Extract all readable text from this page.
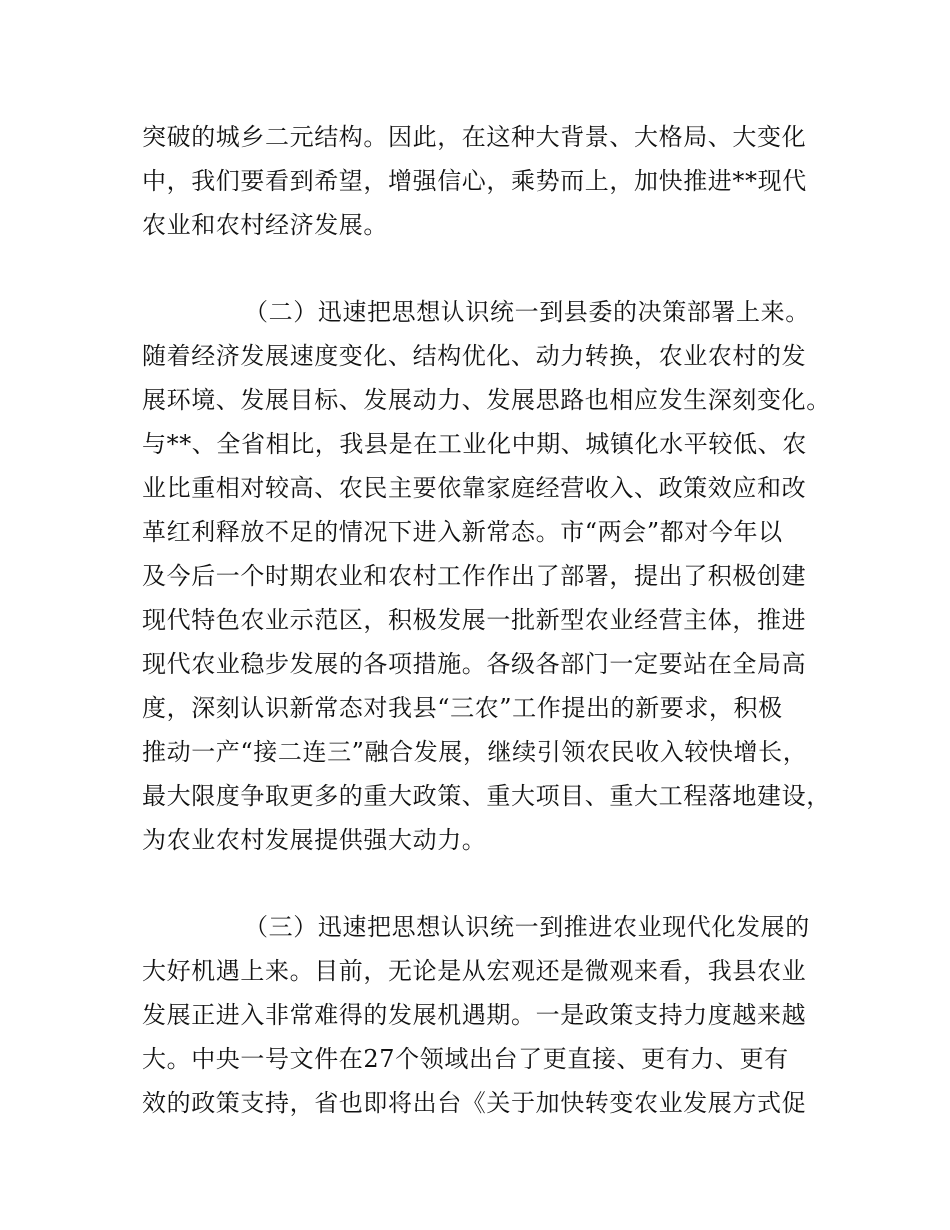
突破的城乡二元结构。因此，在这种大背景、大格局、大变化
中，我们要看到希望，增强信心，乘势而上，加快推进**现代
农业和农村经济发展。
（二）迅速把思想认识统一到县委的决策部署上来。
随着经济发展速度变化、结构优化、动力转换，农业农村的发
展环境、发展目标、发展动力、发展思路也相应发生深刻变化。
与**、全省相比，我县是在工业化中期、城镇化水平较低、农
业比重相对较高、农民主要依靠家庭经营收入、政策效应和改
革红利释放不足的情况下进入新常态。市“两会”都对今年以
及今后一个时期农业和农村工作作出了部署，提出了积极创建
现代特色农业示范区，积极发展一批新型农业经营主体，推进
现代农业稳步发展的各项措施。各级各部门一定要站在全局高
度，深刻认识新常态对我县“三农”工作提出的新要求，积极
推动一产“接二连三”融合发展，继续引领农民收入较快增长，
最大限度争取更多的重大政策、重大项目、重大工程落地建设，
为农业农村发展提供强大动力。
（三）迅速把思想认识统一到推进农业现代化发展的
大好机遇上来。目前，无论是从宏观还是微观来看，我县农业
发展正进入非常难得的发展机遇期。一是政策支持力度越来越
大。中央一号文件在27个领域出台了更直接、更有力、更有
效的政策支持，省也即将出台《关于加快转变农业发展方式促
